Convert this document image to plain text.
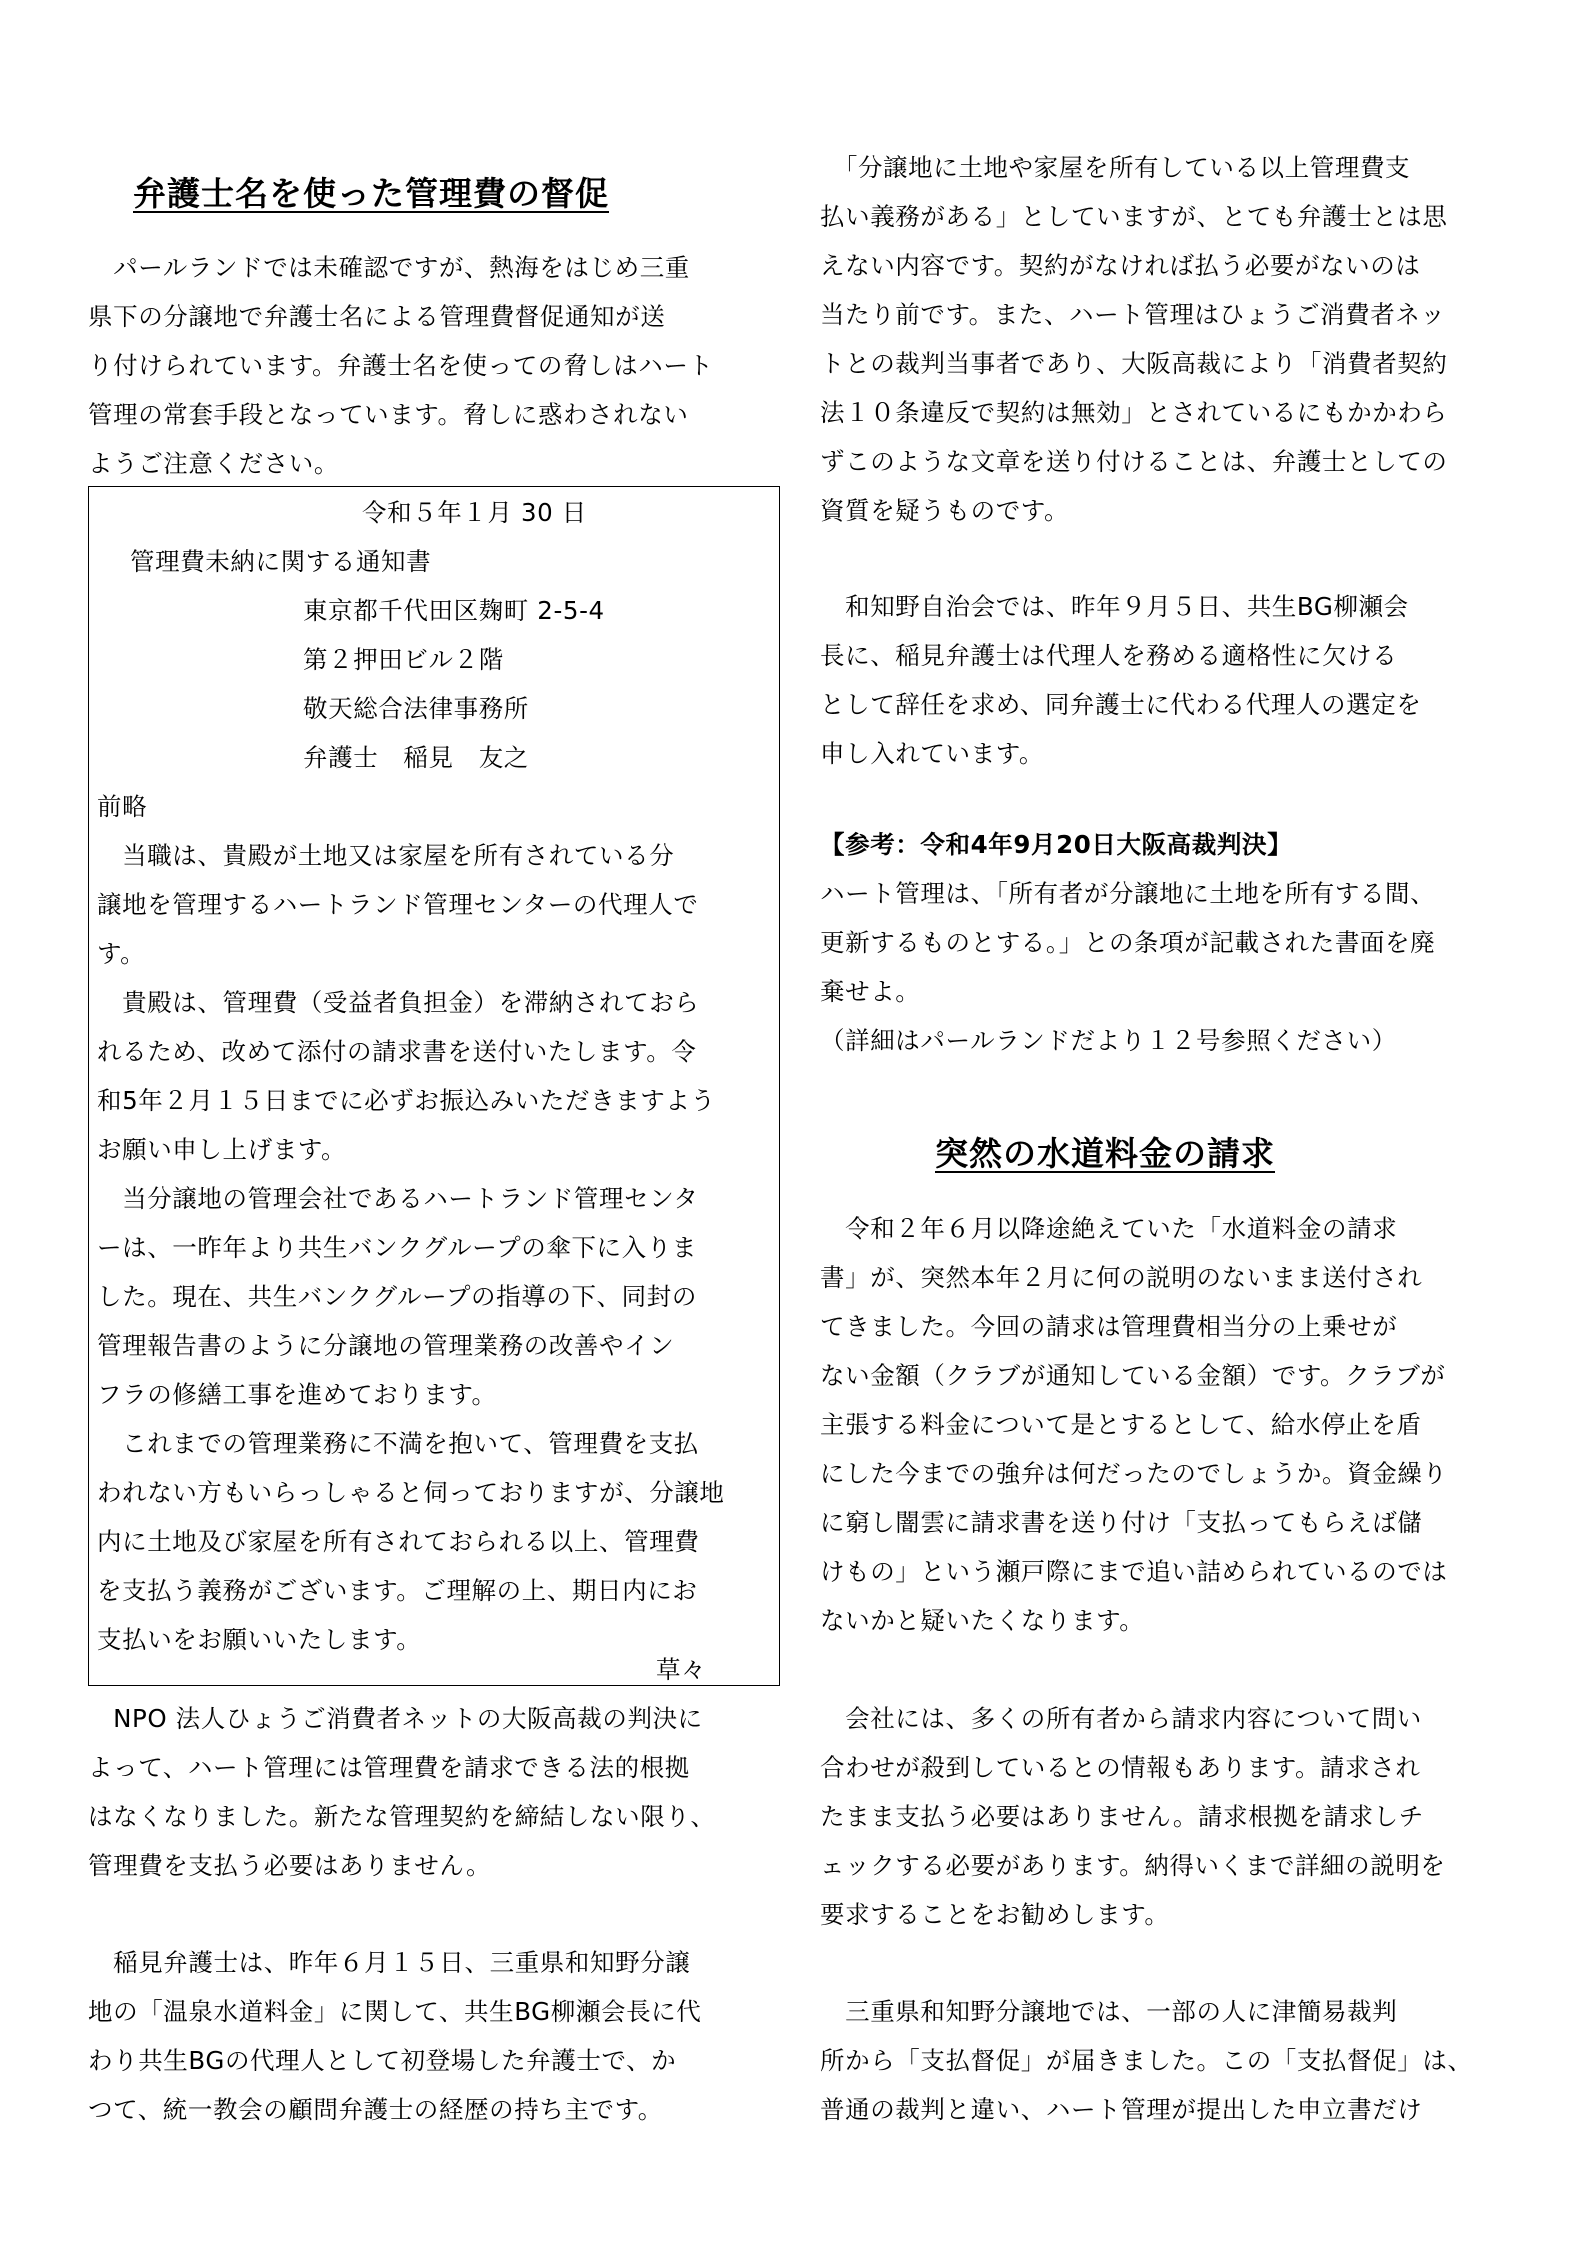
弁護士名を使った管理費の督促
　パールランドでは未確認ですが、熱海をはじめ三重
県下の分譲地で弁護士名による管理費督促通知が送
り付けられています。弁護士名を使っての脅しはハート
管理の常套手段となっています。脅しに惑わされない
ようご注意ください。
令和５年１月 30 日
管理費未納に関する通知書
東京都千代田区麹町 2-5-4
第２押田ビル２階
敬天総合法律事務所
弁護士　稲見　友之
前略
　当職は、貴殿が土地又は家屋を所有されている分
譲地を管理するハートランド管理センターの代理人で
す。
　貴殿は、管理費（受益者負担金）を滞納されておら
れるため、改めて添付の請求書を送付いたします。令
和5年２月１５日までに必ずお振込みいただきますよう
お願い申し上げます。
　当分譲地の管理会社であるハートランド管理センタ
ーは、一昨年より共生バンクグループの傘下に入りま
した。現在、共生バンクグループの指導の下、同封の
管理報告書のように分譲地の管理業務の改善やイン
フラの修繕工事を進めております。
　これまでの管理業務に不満を抱いて、管理費を支払
われない方もいらっしゃると伺っておりますが、分譲地
内に土地及び家屋を所有されておられる以上、管理費
を支払う義務がございます。ご理解の上、期日内にお
支払いをお願いいたします。
草々
　NPO 法人ひょうご消費者ネットの大阪高裁の判決に
よって、ハート管理には管理費を請求できる法的根拠
はなくなりました。新たな管理契約を締結しない限り、
管理費を支払う必要はありません。
　稲見弁護士は、昨年６月１５日、三重県和知野分譲
地の「温泉水道料金」に関して、共生BG柳瀬会長に代
わり共生BGの代理人として初登場した弁護士で、か
つて、統一教会の顧問弁護士の経歴の持ち主です。
　「分譲地に土地や家屋を所有している以上管理費支
払い義務がある」としていますが、とても弁護士とは思
えない内容です。契約がなければ払う必要がないのは
当たり前です。また、ハート管理はひょうご消費者ネッ
トとの裁判当事者であり、大阪高裁により「消費者契約
法１０条違反で契約は無効」とされているにもかかわら
ずこのような文章を送り付けることは、弁護士としての
資質を疑うものです。
　和知野自治会では、昨年９月５日、共生BG柳瀬会
長に、稲見弁護士は代理人を務める適格性に欠ける
として辞任を求め、同弁護士に代わる代理人の選定を
申し入れています。
【参考：令和4年9月20日大阪高裁判決】
ハート管理は、「所有者が分譲地に土地を所有する間、
更新するものとする。」との条項が記載された書面を廃
棄せよ。
（詳細はパールランドだより１２号参照ください）
突然の水道料金の請求
　令和２年６月以降途絶えていた「水道料金の請求
書」が、突然本年２月に何の説明のないまま送付され
てきました。今回の請求は管理費相当分の上乗せが
ない金額（クラブが通知している金額）です。クラブが
主張する料金について是とするとして、給水停止を盾
にした今までの強弁は何だったのでしょうか。資金繰り
に窮し闇雲に請求書を送り付け「支払ってもらえば儲
けもの」という瀬戸際にまで追い詰められているのでは
ないかと疑いたくなります。
　会社には、多くの所有者から請求内容について問い
合わせが殺到しているとの情報もあります。請求され
たまま支払う必要はありません。請求根拠を請求しチ
ェックする必要があります。納得いくまで詳細の説明を
要求することをお勧めします。
　三重県和知野分譲地では、一部の人に津簡易裁判
所から「支払督促」が届きました。この「支払督促」は、
普通の裁判と違い、ハート管理が提出した申立書だけ
